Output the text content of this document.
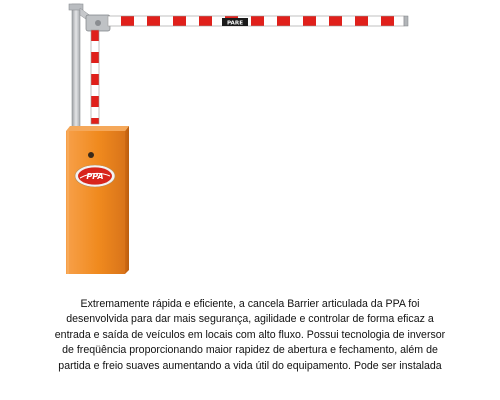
PARE
PPA

Extremamente rápida e eficiente, a cancela Barrier articulada da PPA foi
desenvolvida para dar mais segurança, agilidade e controlar de forma eficaz a
entrada e saída de veículos em locais com alto fluxo. Possui tecnologia de inversor
de freqüência proporcionando maior rapidez de abertura e fechamento, além de
partida e freio suaves aumentando a vida útil do equipamento. Pode ser instalada
